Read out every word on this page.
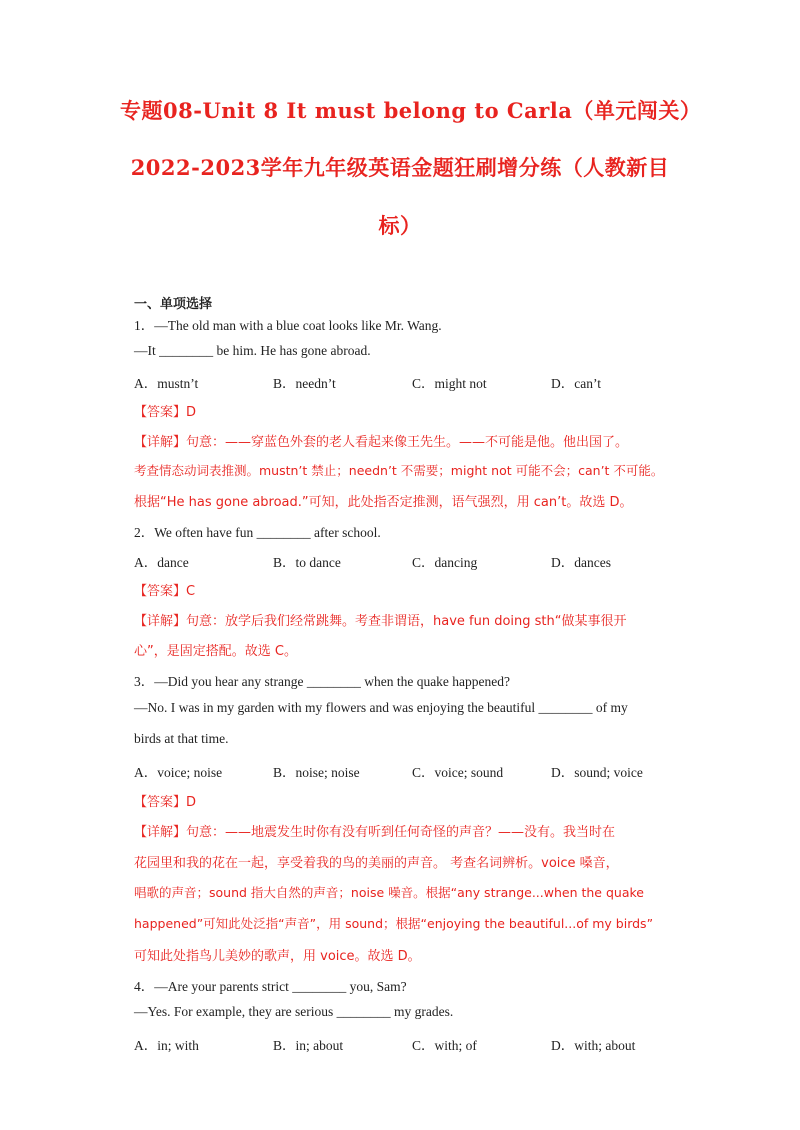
专题08-Unit 8 It must belong to Carla（单元闯关）
2022-2023学年九年级英语金题狂刷增分练（人教新目
标）
一、单项选择
1．—The old man with a blue coat looks like Mr. Wang.
—It ________ be him. He has gone abroad.
A．mustn’t	B．needn’t	C．might not	D．can’t
【答案】D
【详解】句意：——穿蓝色外套的老人看起来像王先生。——不可能是他。他出国了。
考查情态动词表推测。mustn’t 禁止；needn’t 不需要；might not 可能不会；can’t 不可能。
根据“He has gone abroad.”可知，此处指否定推测，语气强烈，用 can’t。故选 D。
2．We often have fun ________ after school.
A．dance	B．to dance	C．dancing	D．dances
【答案】C
【详解】句意：放学后我们经常跳舞。考查非谓语，have fun doing sth“做某事很开
心”，是固定搭配。故选 C。
3．—Did you hear any strange ________ when the quake happened?
—No. I was in my garden with my flowers and was enjoying the beautiful ________ of my
birds at that time.
A．voice; noise	B．noise; noise	C．voice; sound	D．sound; voice
【答案】D
【详解】句意：——地震发生时你有没有听到任何奇怪的声音？——没有。我当时在
花园里和我的花在一起，享受着我的鸟的美丽的声音。 考查名词辨析。voice 嗓音，
唱歌的声音；sound 指大自然的声音；noise 噪音。根据“any strange...when the quake
happened”可知此处泛指“声音”，用 sound；根据“enjoying the beautiful...of my birds”
可知此处指鸟儿美妙的歌声，用 voice。故选 D。
4．—Are your parents strict ________ you, Sam?
—Yes. For example, they are serious ________ my grades.
A．in; with	B．in; about	C．with; of	D．with; about
